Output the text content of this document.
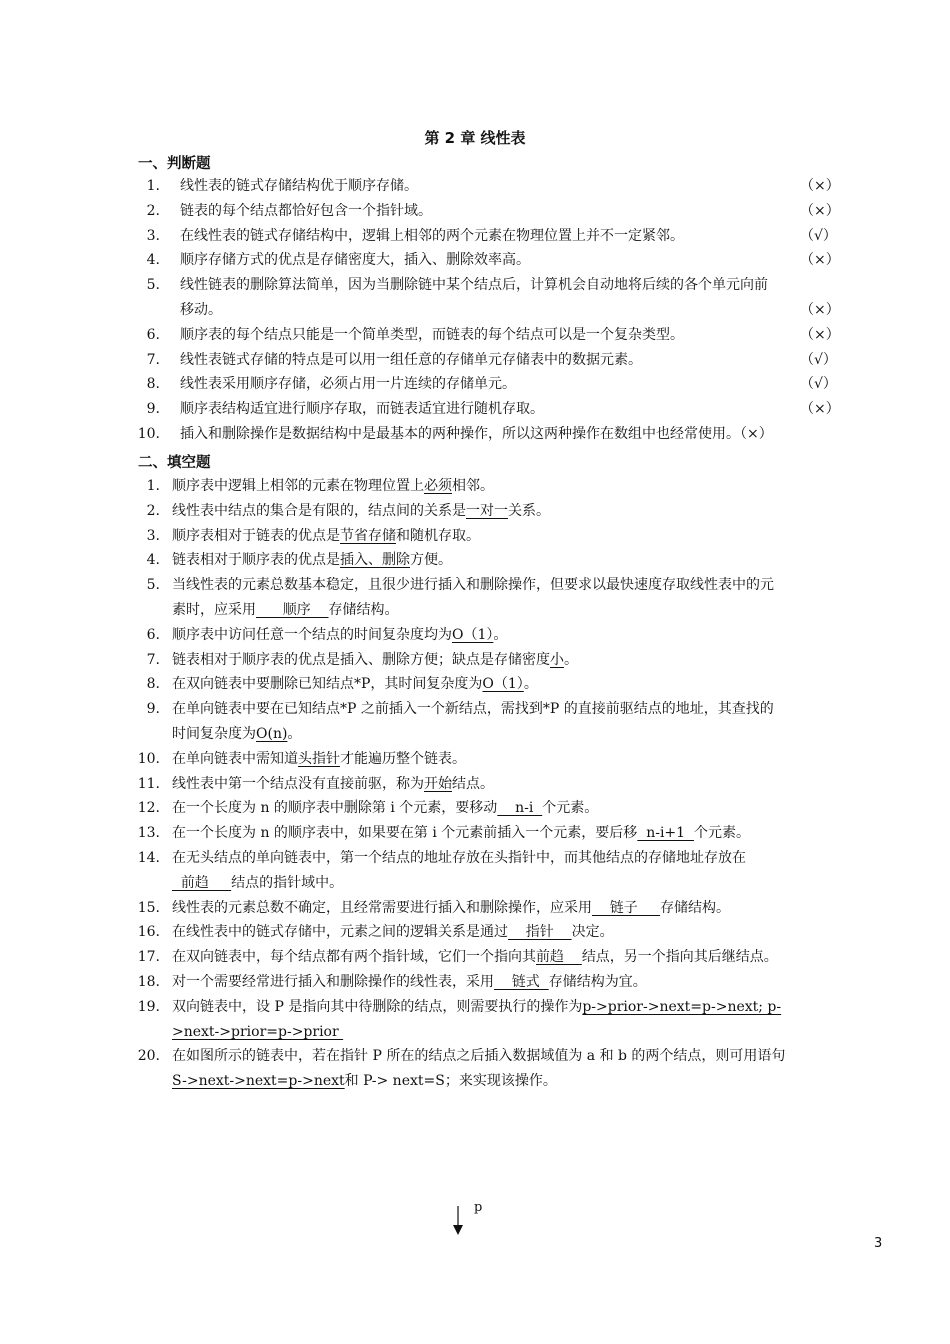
第 2 章 线性表
一、判断题
1. 线性表的链式存储结构优于顺序存储。	（×）
2. 链表的每个结点都恰好包含一个指针域。	（×）
3. 在线性表的链式存储结构中，逻辑上相邻的两个元素在物理位置上并不一定紧邻。	（√）
4. 顺序存储方式的优点是存储密度大，插入、删除效率高。	（×）
5. 线性链表的删除算法简单，因为当删除链中某个结点后，计算机会自动地将后续的各个单元向前
移动。	（×）
6. 顺序表的每个结点只能是一个简单类型，而链表的每个结点可以是一个复杂类型。	（×）
7. 线性表链式存储的特点是可以用一组任意的存储单元存储表中的数据元素。	（√）
8. 线性表采用顺序存储，必须占用一片连续的存储单元。	（√）
9. 顺序表结构适宜进行顺序存取，而链表适宜进行随机存取。	（×）
10. 插入和删除操作是数据结构中是最基本的两种操作，所以这两种操作在数组中也经常使用。（×）
二、填空题
1. 顺序表中逻辑上相邻的元素在物理位置上必须相邻。
2. 线性表中结点的集合是有限的，结点间的关系是一对一关系。
3. 顺序表相对于链表的优点是节省存储和随机存取。
4. 链表相对于顺序表的优点是插入、删除方便。
5. 当线性表的元素总数基本稳定，且很少进行插入和删除操作，但要求以最快速度存取线性表中的元
素时，应采用      顺序    存储结构。
6. 顺序表中访问任意一个结点的时间复杂度均为O（1）。
7. 链表相对于顺序表的优点是插入、删除方便；缺点是存储密度小。
8. 在双向链表中要删除已知结点*P，其时间复杂度为O（1）。
9. 在单向链表中要在已知结点*P 之前插入一个新结点，需找到*P 的直接前驱结点的地址，其查找的
时间复杂度为O(n)。
10. 在单向链表中需知道头指针才能遍历整个链表。
11. 线性表中第一个结点没有直接前驱，称为开始结点。
12. 在一个长度为 n 的顺序表中删除第 i 个元素，要移动    n-i  个元素。
13. 在一个长度为 n 的顺序表中，如果要在第 i 个元素前插入一个元素，要后移  n-i+1  个元素。
14. 在无头结点的单向链表中，第一个结点的地址存放在头指针中，而其他结点的存储地址存放在
前趋     结点的指针域中。
15. 线性表的元素总数不确定，且经常需要进行插入和删除操作，应采用    链子     存储结构。
16. 在线性表中的链式存储中，元素之间的逻辑关系是通过    指针    决定。
17. 在双向链表中，每个结点都有两个指针域，它们一个指向其前趋    结点，另一个指向其后继结点。
18. 对一个需要经常进行插入和删除操作的线性表，采用    链式  存储结构为宜。
19. 双向链表中，设 P 是指向其中待删除的结点，则需要执行的操作为p->prior->next=p->next; p-
>next->prior=p->prior
20. 在如图所示的链表中，若在指针 P 所在的结点之后插入数据域值为 a 和 b 的两个结点，则可用语句
S->next->next=p->next和 P-> next=S；来实现该操作。
p
3
